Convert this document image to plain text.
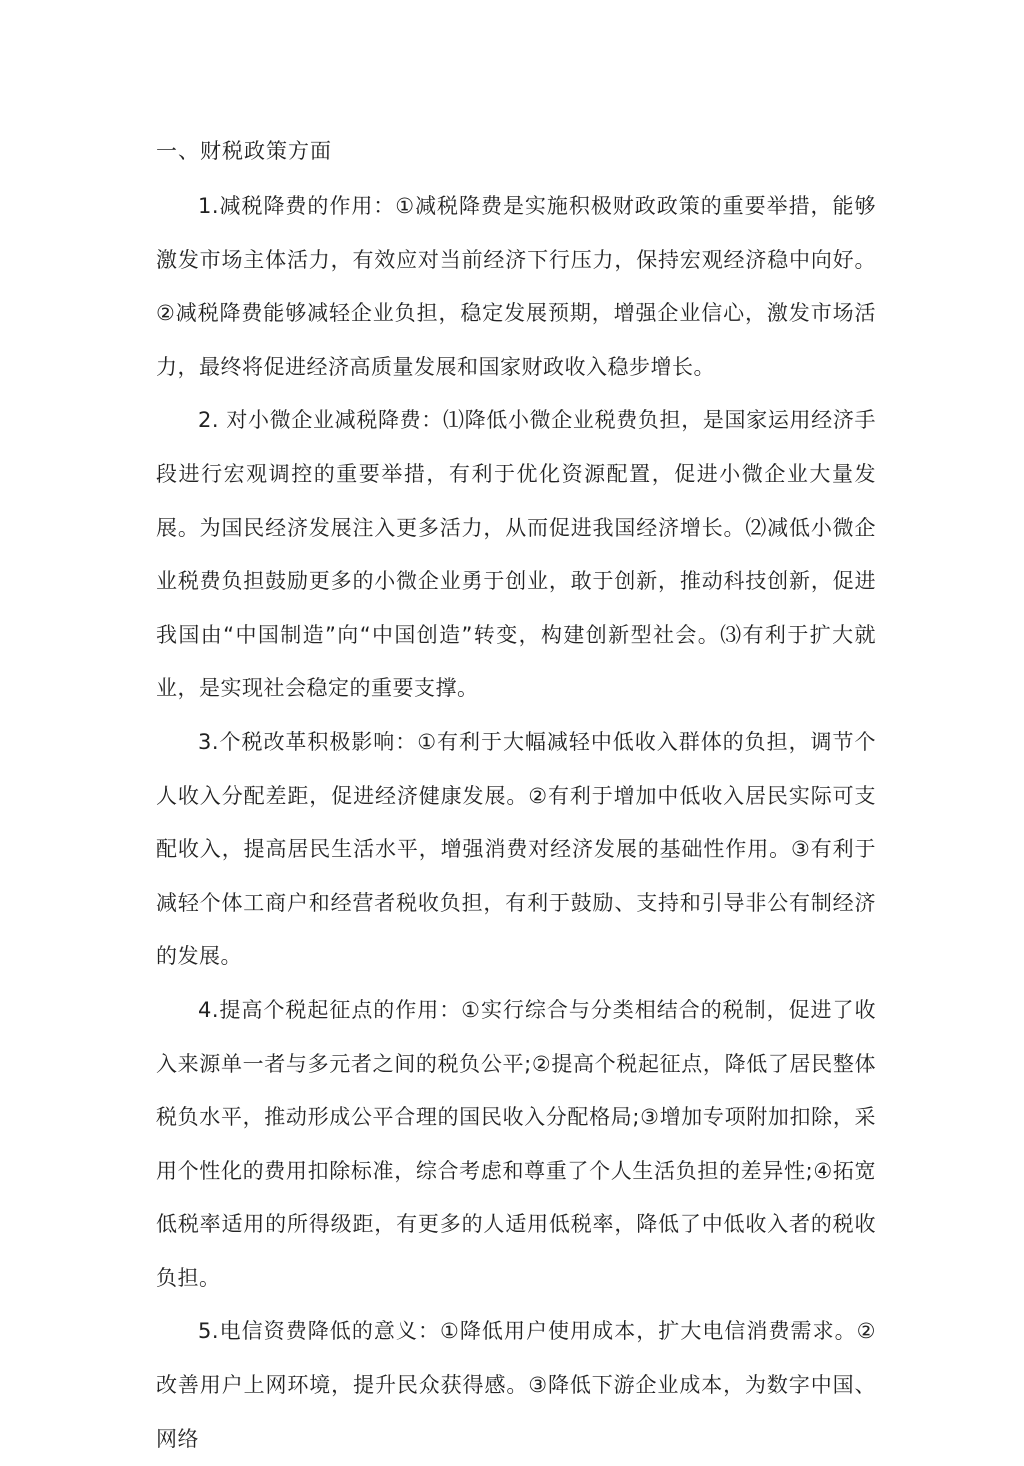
一、财税政策方面

1.减税降费的作用：①减税降费是实施积极财政政策的重要举措，能够激发市场主体活力，有效应对当前经济下行压力，保持宏观经济稳中向好。②减税降费能够减轻企业负担，稳定发展预期，增强企业信心，激发市场活力，最终将促进经济高质量发展和国家财政收入稳步增长。

2. 对小微企业减税降费：⑴降低小微企业税费负担，是国家运用经济手段进行宏观调控的重要举措，有利于优化资源配置，促进小微企业大量发展。为国民经济发展注入更多活力，从而促进我国经济增长。⑵减低小微企业税费负担鼓励更多的小微企业勇于创业，敢于创新，推动科技创新，促进我国由“中国制造”向“中国创造”转变，构建创新型社会。⑶有利于扩大就业，是实现社会稳定的重要支撑。

3.个税改革积极影响：①有利于大幅减轻中低收入群体的负担，调节个人收入分配差距，促进经济健康发展。②有利于增加中低收入居民实际可支配收入，提高居民生活水平，增强消费对经济发展的基础性作用。③有利于减轻个体工商户和经营者税收负担，有利于鼓励、支持和引导非公有制经济的发展。

4.提高个税起征点的作用：①实行综合与分类相结合的税制，促进了收入来源单一者与多元者之间的税负公平;②提高个税起征点，降低了居民整体税负水平，推动形成公平合理的国民收入分配格局;③增加专项附加扣除，采用个性化的费用扣除标准，综合考虑和尊重了个人生活负担的差异性;④拓宽低税率适用的所得级距，有更多的人适用低税率，降低了中低收入者的税收负担。

5.电信资费降低的意义：①降低用户使用成本，扩大电信消费需求。②改善用户上网环境，提升民众获得感。③降低下游企业成本，为数字中国、网络
